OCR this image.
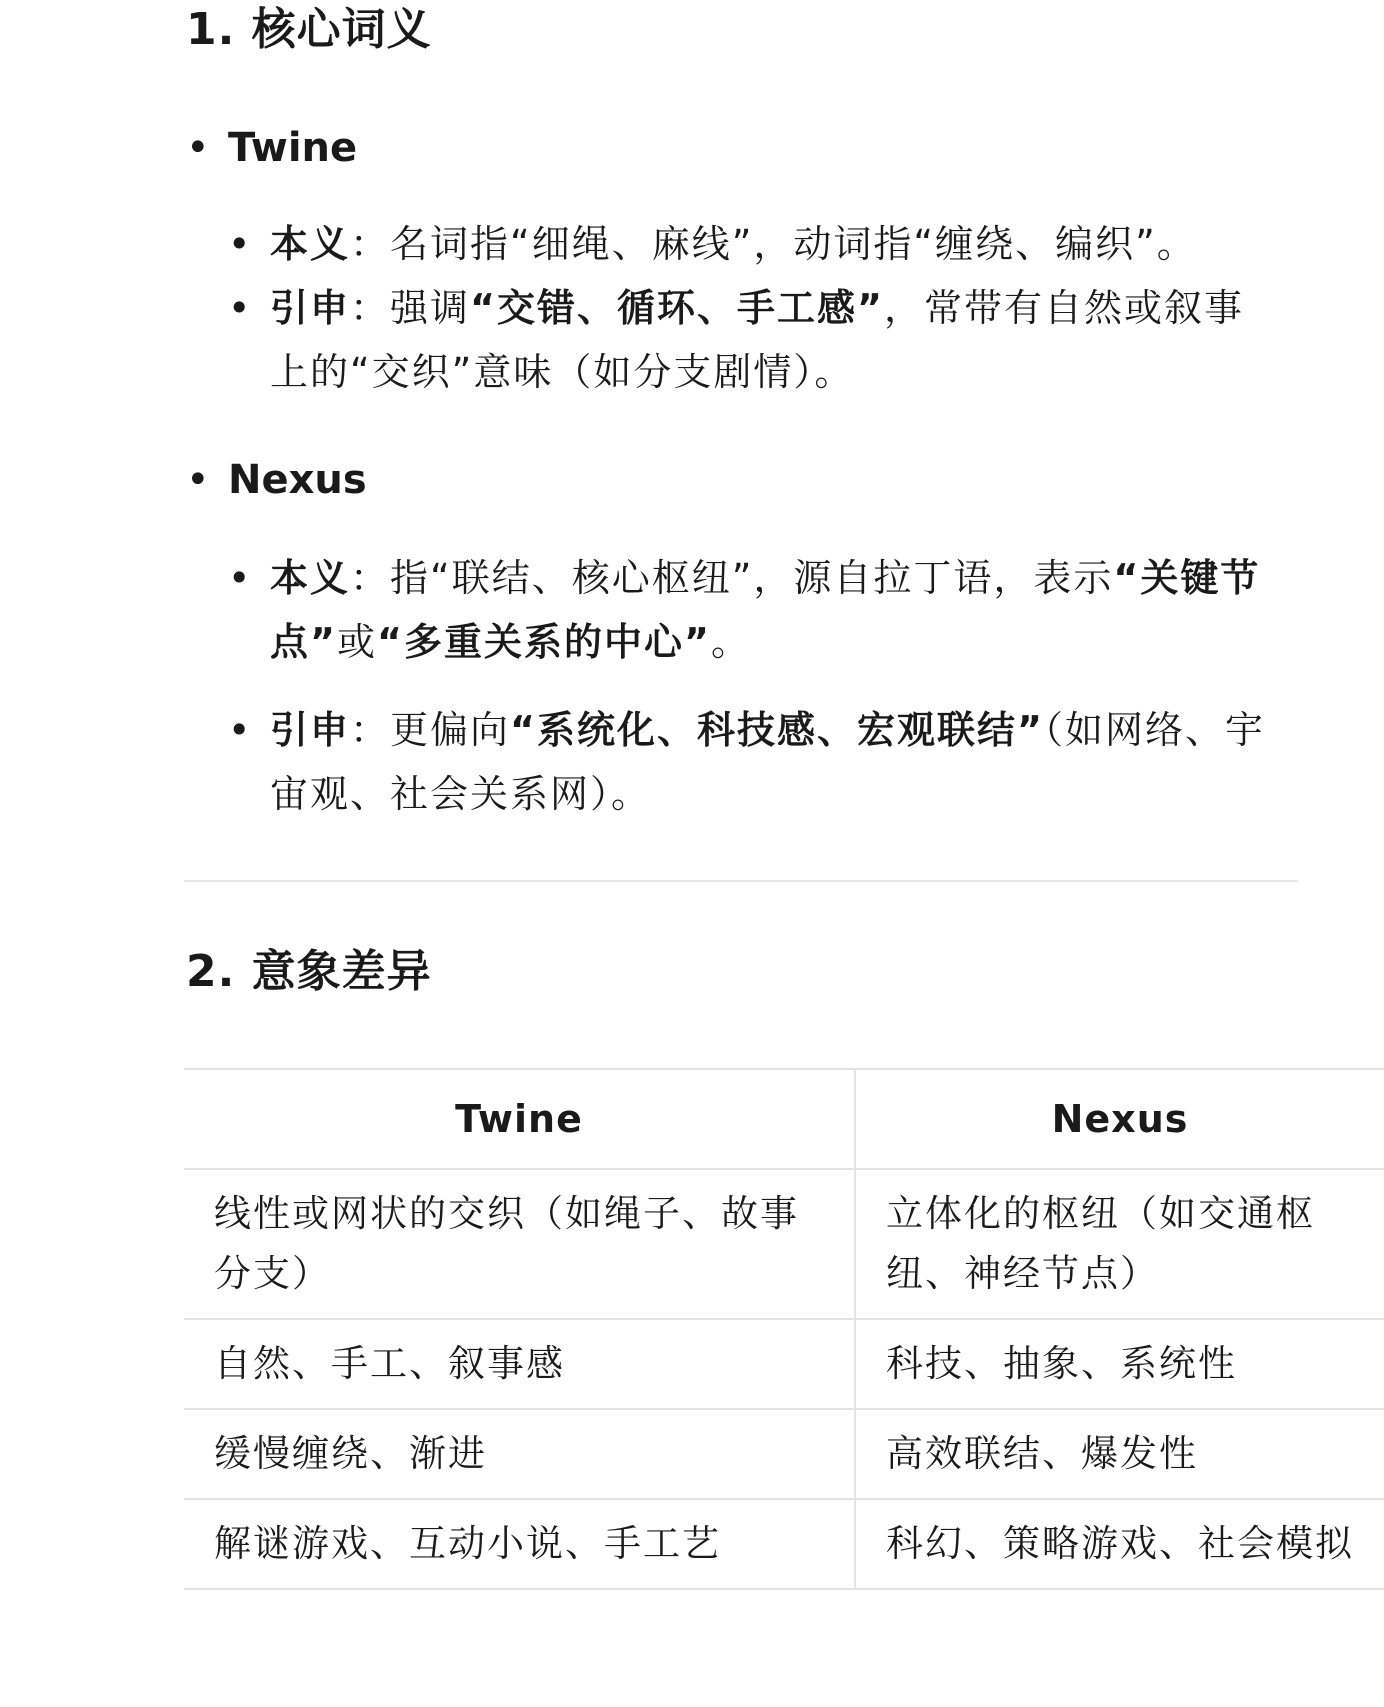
1. 核心词义
• Twine
• 本义：名词指“细绳、麻线”，动词指“缠绕、编织”。
• 引申：强调“交错、循环、手工感”，常带有自然或叙事上的“交织”意味（如分支剧情）。
• Nexus
• 本义：指“联结、核心枢纽”，源自拉丁语，表示“关键节点”或“多重关系的中心”。
• 引申：更偏向“系统化、科技感、宏观联结”（如网络、宇宙观、社会关系网）。
2. 意象差异
Twine	Nexus
线性或网状的交织（如绳子、故事分支）	立体化的枢纽（如交通枢纽、神经节点）
自然、手工、叙事感	科技、抽象、系统性
缓慢缠绕、渐进	高效联结、爆发性
解谜游戏、互动小说、手工艺	科幻、策略游戏、社会模拟
